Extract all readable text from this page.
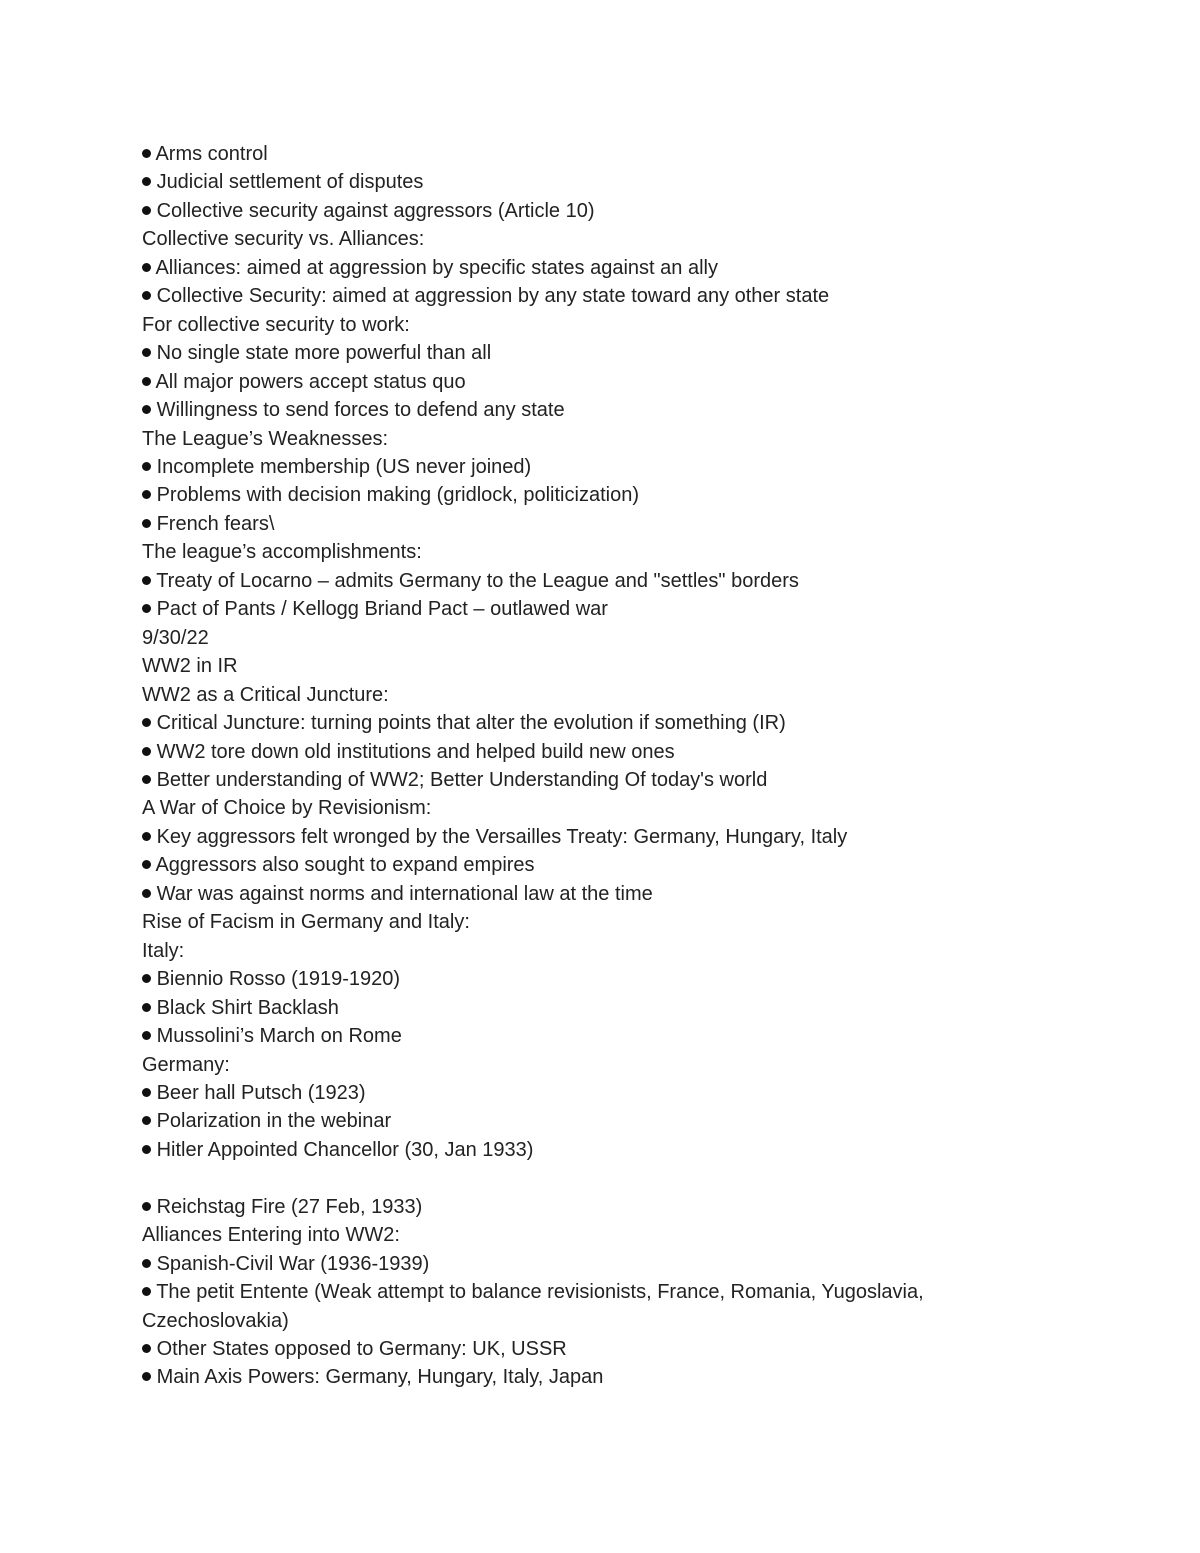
Arms control
Judicial settlement of disputes
Collective security against aggressors (Article 10)
Collective security vs. Alliances:
Alliances: aimed at aggression by specific states against an ally
Collective Security: aimed at aggression by any state toward any other state
For collective security to work:
No single state more powerful than all
All major powers accept status quo
Willingness to send forces to defend any state
The League’s Weaknesses:
Incomplete membership (US never joined)
Problems with decision making (gridlock, politicization)
French fears\
The league’s accomplishments:
Treaty of Locarno – admits Germany to the League and "settles" borders
Pact of Pants / Kellogg Briand Pact – outlawed war
9/30/22
WW2 in IR
WW2 as a Critical Juncture:
Critical Juncture: turning points that alter the evolution if something (IR)
WW2 tore down old institutions and helped build new ones
Better understanding of WW2; Better Understanding Of today's world
A War of Choice by Revisionism:
Key aggressors felt wronged by the Versailles Treaty: Germany, Hungary, Italy
Aggressors also sought to expand empires
War was against norms and international law at the time
Rise of Facism in Germany and Italy:
Italy:
Biennio Rosso (1919-1920)
Black Shirt Backlash
Mussolini’s March on Rome
Germany:
Beer hall Putsch (1923)
Polarization in the webinar
Hitler Appointed Chancellor (30, Jan 1933)
Reichstag Fire (27 Feb, 1933)
Alliances Entering into WW2:
Spanish-Civil War (1936-1939)
The petit Entente (Weak attempt to balance revisionists, France, Romania, Yugoslavia,
Czechoslovakia)
Other States opposed to Germany: UK, USSR
Main Axis Powers: Germany, Hungary, Italy, Japan
